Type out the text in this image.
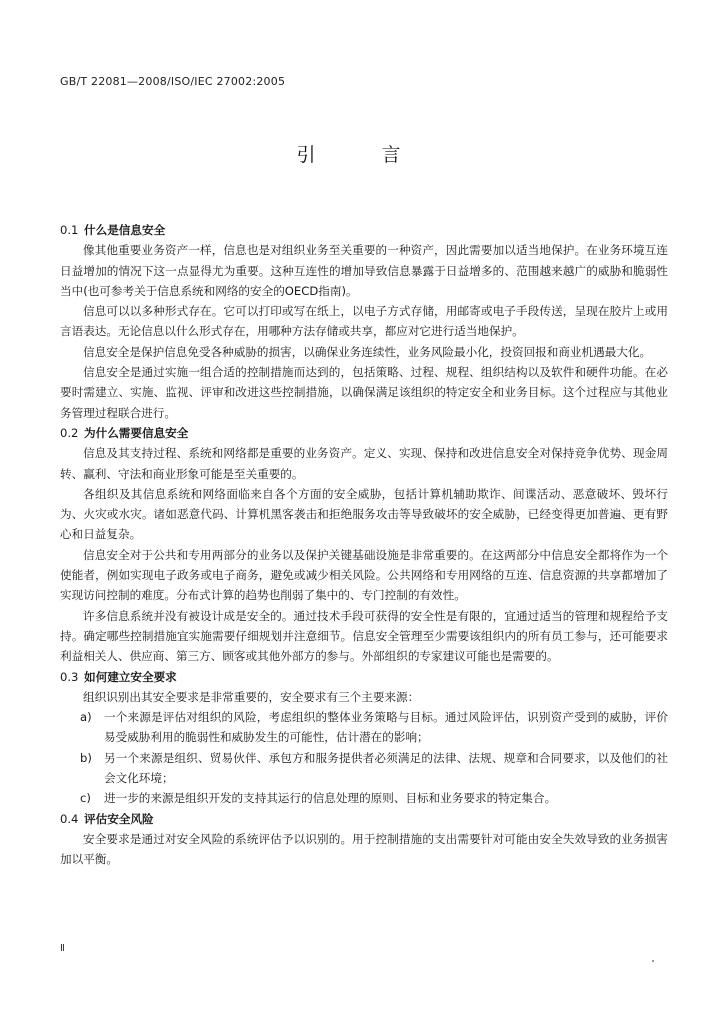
GB/T 22081—2008/ISO/IEC 27002:2005
引 言
0.1 什么是信息安全

像其他重要业务资产一样，信息也是对组织业务至关重要的一种资产，因此需要加以适当地保护。在业务环境互连日益增加的情况下这一点显得尤为重要。这种互连性的增加导致信息暴露于日益增多的、范围越来越广的威胁和脆弱性当中(也可参考关于信息系统和网络的安全的OECD指南)。

信息可以以多种形式存在。它可以打印或写在纸上，以电子方式存储，用邮寄或电子手段传送，呈现在胶片上或用言语表达。无论信息以什么形式存在，用哪种方法存储或共享，都应对它进行适当地保护。

信息安全是保护信息免受各种威胁的损害，以确保业务连续性，业务风险最小化，投资回报和商业机遇最大化。

信息安全是通过实施一组合适的控制措施而达到的，包括策略、过程、规程、组织结构以及软件和硬件功能。在必要时需建立、实施、监视、评审和改进这些控制措施，以确保满足该组织的特定安全和业务目标。这个过程应与其他业务管理过程联合进行。

0.2 为什么需要信息安全

信息及其支持过程、系统和网络都是重要的业务资产。定义、实现、保持和改进信息安全对保持竞争优势、现金周转、赢利、守法和商业形象可能是至关重要的。

各组织及其信息系统和网络面临来自各个方面的安全威胁，包括计算机辅助欺诈、间谍活动、恶意破坏、毁坏行为、火灾或水灾。诸如恶意代码、计算机黑客袭击和拒绝服务攻击等导致破坏的安全威胁，已经变得更加普遍、更有野心和日益复杂。

信息安全对于公共和专用两部分的业务以及保护关键基础设施是非常重要的。在这两部分中信息安全都将作为一个使能者，例如实现电子政务或电子商务，避免或减少相关风险。公共网络和专用网络的互连、信息资源的共享都增加了实现访问控制的难度。分布式计算的趋势也削弱了集中的、专门控制的有效性。

许多信息系统并没有被设计成是安全的。通过技术手段可获得的安全性是有限的，宜通过适当的管理和规程给予支持。确定哪些控制措施宜实施需要仔细规划并注意细节。信息安全管理至少需要该组织内的所有员工参与，还可能要求利益相关人、供应商、第三方、顾客或其他外部方的参与。外部组织的专家建议可能也是需要的。

0.3 如何建立安全要求

组织识别出其安全要求是非常重要的，安全要求有三个主要来源：

a)	一个来源是评估对组织的风险，考虑组织的整体业务策略与目标。通过风险评估，识别资产受到的威胁，评价易受威胁利用的脆弱性和威胁发生的可能性，估计潜在的影响；
b)	另一个来源是组织、贸易伙伴、承包方和服务提供者必须满足的法律、法规、规章和合同要求，以及他们的社会文化环境；
c)	进一步的来源是组织开发的支持其运行的信息处理的原则、目标和业务要求的特定集合。
0.4 评估安全风险

安全要求是通过对安全风险的系统评估予以识别的。用于控制措施的支出需要针对可能由安全失效导致的业务损害加以平衡。

Ⅱ
